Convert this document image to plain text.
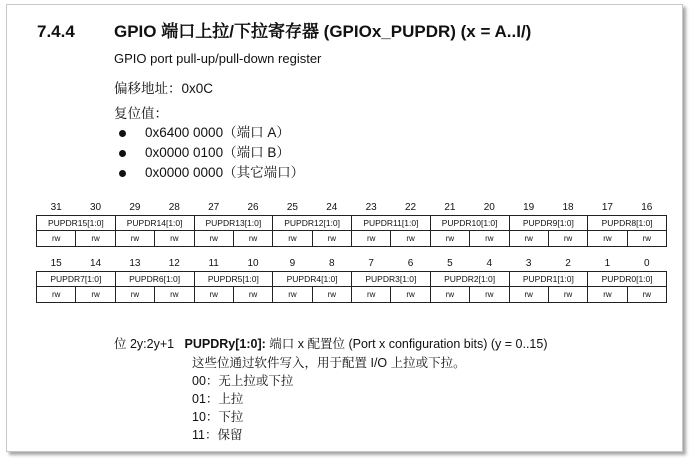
7.4.4 GPIO 端口上拉/下拉寄存器 (GPIOx_PUPDR) (x = A..I/)
GPIO port pull-up/pull-down register
偏移地址：0x0C
复位值：
0x6400 0000（端口 A）
0x0000 0100（端口 B）
0x0000 0000（其它端口）
31	30	29	28	27	26	25	24	23	22	21	20	19	18	17	16
PUPDR15[1:0]		PUPDR14[1:0]		PUPDR13[1:0]		PUPDR12[1:0]		PUPDR11[1:0]		PUPDR10[1:0]		PUPDR9[1:0]		PUPDR8[1:0]	
rw	rw	rw	rw	rw	rw	rw	rw	rw	rw	rw	rw	rw	rw	rw	rw
15	14	13	12	11	10	9	8	7	6	5	4	3	2	1	0
PUPDR7[1:0]		PUPDR6[1:0]		PUPDR5[1:0]		PUPDR4[1:0]		PUPDR3[1:0]		PUPDR2[1:0]		PUPDR1[1:0]		PUPDR0[1:0]	
rw	rw	rw	rw	rw	rw	rw	rw	rw	rw	rw	rw	rw	rw	rw	rw
位 2y:2y+1 PUPDRy[1:0]: 端口 x 配置位 (Port x configuration bits) (y = 0..15)
这些位通过软件写入，用于配置 I/O 上拉或下拉。
00：无上拉或下拉
01：上拉
10：下拉
11：保留
